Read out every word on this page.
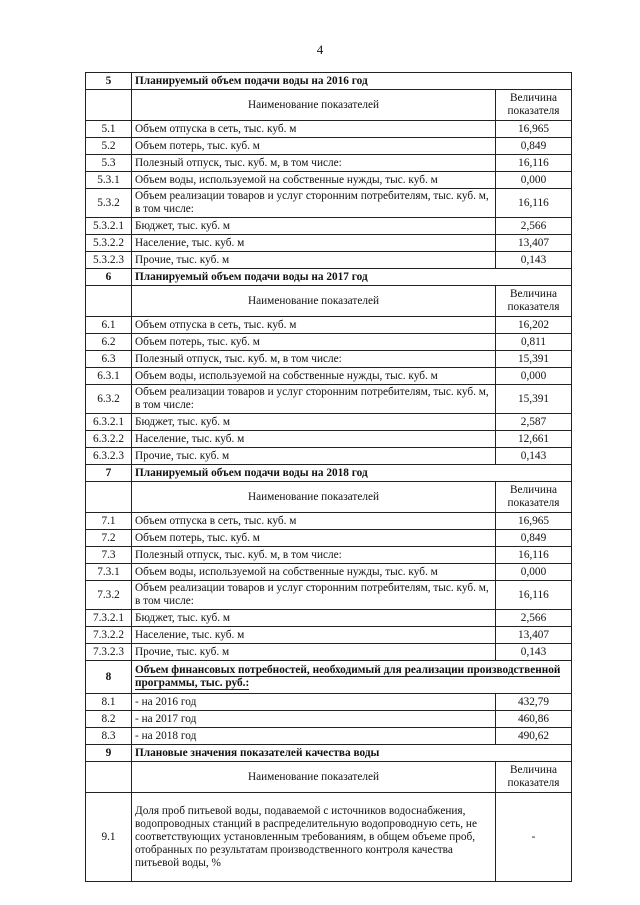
4
5	Планируемый объем подачи воды на 2016 год	
	Наименование показателей	Величина показателя
5.1	Объем отпуска в сеть, тыс. куб. м	16,965
5.2	Объем потерь, тыс. куб. м	0,849
5.3	Полезный отпуск, тыс. куб. м, в том числе:	16,116
5.3.1	Объем воды, используемой на собственные нужды, тыс. куб. м	0,000
5.3.2	Объем реализации товаров и услуг сторонним потребителям, тыс. куб. м, в том числе:	16,116
5.3.2.1	Бюджет, тыс. куб. м	2,566
5.3.2.2	Население, тыс. куб. м	13,407
5.3.2.3	Прочие, тыс. куб. м	0,143
6	Планируемый объем подачи воды на 2017 год	
	Наименование показателей	Величина показателя
6.1	Объем отпуска в сеть, тыс. куб. м	16,202
6.2	Объем потерь, тыс. куб. м	0,811
6.3	Полезный отпуск, тыс. куб. м, в том числе:	15,391
6.3.1	Объем воды, используемой на собственные нужды, тыс. куб. м	0,000
6.3.2	Объем реализации товаров и услуг сторонним потребителям, тыс. куб. м, в том числе:	15,391
6.3.2.1	Бюджет, тыс. куб. м	2,587
6.3.2.2	Население, тыс. куб. м	12,661
6.3.2.3	Прочие, тыс. куб. м	0,143
7	Планируемый объем подачи воды на 2018 год	
	Наименование показателей	Величина показателя
7.1	Объем отпуска в сеть, тыс. куб. м	16,965
7.2	Объем потерь, тыс. куб. м	0,849
7.3	Полезный отпуск, тыс. куб. м, в том числе:	16,116
7.3.1	Объем воды, используемой на собственные нужды, тыс. куб. м	0,000
7.3.2	Объем реализации товаров и услуг сторонним потребителям, тыс. куб. м, в том числе:	16,116
7.3.2.1	Бюджет, тыс. куб. м	2,566
7.3.2.2	Население, тыс. куб. м	13,407
7.3.2.3	Прочие, тыс. куб. м	0,143
8	Объем финансовых потребностей, необходимый для реализации производственной программы, тыс. руб.:	
8.1	- на 2016 год	432,79
8.2	- на 2017 год	460,86
8.3	- на 2018 год	490,62
9	Плановые значения показателей качества воды	
	Наименование показателей	Величина показателя
9.1	Доля проб питьевой воды, подаваемой с источников водоснабжения, водопроводных станций в распределительную водопроводную сеть, не соответствующих установленным требованиям, в общем объеме проб, отобранных по результатам производственного контроля качества питьевой воды, %	-
